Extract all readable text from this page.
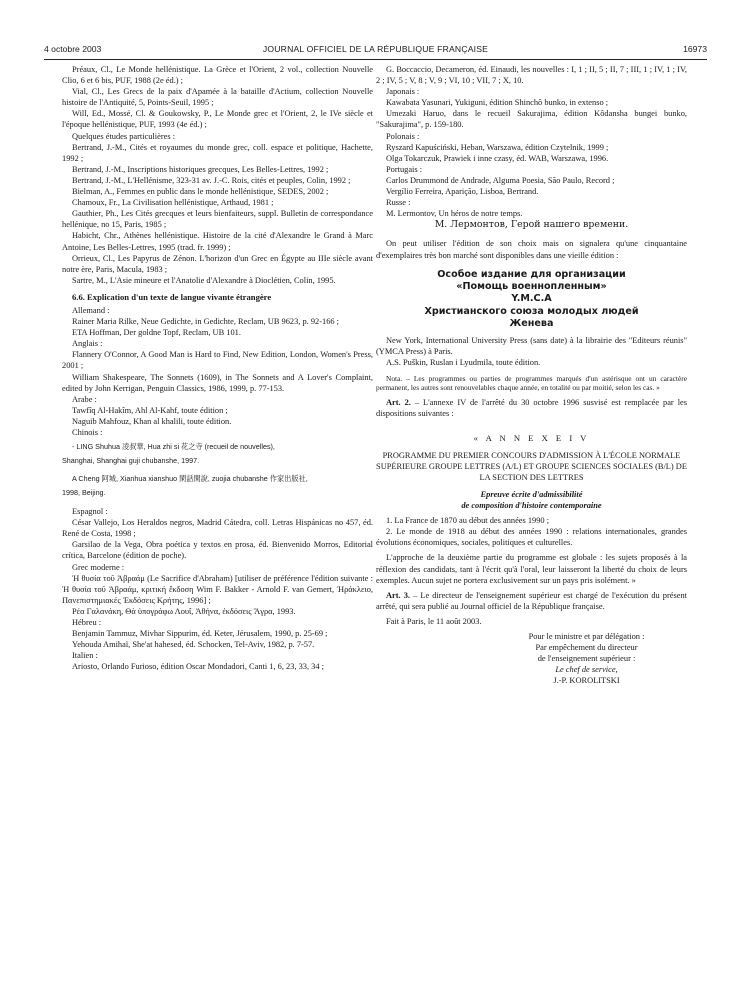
4 octobre 2003	JOURNAL OFFICIEL DE LA RÉPUBLIQUE FRANÇAISE	16973

Préaux, Cl., Le Monde hellénistique. La Grèce et l'Orient, 2 vol., collection Nouvelle Clio, 6 et 6 bis, PUF, 1988 (2e éd.) ;

Vial, Cl., Les Grecs de la paix d'Apamée à la bataille d'Actium, collection Nouvelle histoire de l'Antiquité, 5, Points-Seuil, 1995 ;

Will, Ed., Mossé, Cl. & Goukowsky, P., Le Monde grec et l'Orient, 2, le IVe siècle et l'époque hellénistique, PUF, 1993 (4e éd.) ;

Quelques études particulières :

Bertrand, J.-M., Cités et royaumes du monde grec, coll. espace et politique, Hachette, 1992 ;

Bertrand, J.-M., Inscriptions historiques grecques, Les Belles-Lettres, 1992 ;

Bertrand, J.-M., L'Hellénisme, 323-31 av. J.-C. Rois, cités et peuples, Colin, 1992 ;

Bielman, A., Femmes en public dans le monde hellénistique, SEDES, 2002 ;

Chamoux, Fr., La Civilisation hellénistique, Arthaud, 1981 ;

Gauthier, Ph., Les Cités grecques et leurs bienfaiteurs, suppl. Bulletin de correspondance hellénique, no 15, Paris, 1985 ;

Habicht, Chr., Athènes hellénistique. Histoire de la cité d'Alexandre le Grand à Marc Antoine, Les Belles-Lettres, 1995 (trad. fr. 1999) ;

Orrieux, Cl., Les Papyrus de Zénon. L'horizon d'un Grec en Égypte au IIIe siècle avant notre ère, Paris, Macula, 1983 ;

Sartre, M., L'Asie mineure et l'Anatolie d'Alexandre à Dioclétien, Colin, 1995.

6.6. Explication d'un texte de langue vivante étrangère

Allemand :

Rainer Maria Rilke, Neue Gedichte, in Gedichte, Reclam, UB 9623, p. 92-166 ;

ETA Hoffman, Der goldne Topf, Reclam, UB 101.

Anglais :

Flannery O'Connor, A Good Man is Hard to Find, New Edition, London, Women's Press, 2001 ;

William Shakespeare, The Sonnets (1609), in The Sonnets and A Lover's Complaint, edited by John Kerrigan, Penguin Classics, 1986, 1999, p. 77-153.

Arabe :

Tawfîq Al-Hakîm, Ahl Al-Kahf, toute édition ;

Naguib Mahfouz, Khan al khalili, toute édition.

Chinois :

- LING Shuhua 凌叔華, Hua zhi si 花之寺 (recueil de nouvelles),

Shanghai, Shanghai guji chubanshe, 1997.

A Cheng 阿城, Xianhua xianshuo 閑話閑說, zuojia chubanshe 作家出版社,

1998, Beijing.

Espagnol :

César Vallejo, Los Heraldos negros, Madrid Cátedra, coll. Letras Hispánicas no 457, éd. René de Costa, 1998 ;

Garsilao de la Vega, Obra poética y textos en prosa, éd. Bienvenido Morros, Editorial crítica, Barcelone (édition de poche).

Grec moderne :

Ἡ θυσία τοῦ Ἀβραάμ (Le Sacrifice d'Abraham) [utiliser de préférence l'édition suivante : Ἡ θυσία τοῦ Ἀβραάμ, κριτική ἔκδοση Wim F. Bakker - Arnold F. van Gemert, Ἡράκλειο, Πανεπιστημιακές Ἐκδόσεις Κρήτης, 1996] ;

Ρέα Γαλανάκη, Θὰ ὑπογράφω Λουΐ, Ἀθήνα, ἐκδόσεις Ἄγρα, 1993.

Hébreu :

Benjamin Tammuz, Mivhar Sippurim, éd. Keter, Jérusalem, 1990, p. 25-69 ;

Yehouda Amihaï, She'at hahesed, éd. Schocken, Tel-Aviv, 1982, p. 7-57.

Italien :

Ariosto, Orlando Furioso, édition Oscar Mondadori, Canti 1, 6, 23, 33, 34 ;

G. Boccaccio, Decameron, éd. Einaudi, les nouvelles : I, 1 ; II, 5 ; II, 7 ; III, 1 ; IV, 1 ; IV, 2 ; IV, 5 ; V, 8 ; V, 9 ; VI, 10 ; VII, 7 ; X, 10.

Japonais :

Kawabata Yasunari, Yukiguni, édition Shinchô bunko, in extenso ;

Umezaki Haruo, dans le recueil Sakurajima, édition Kôdansha bungei bunko, "Sakurajima", p. 159-180.

Polonais :

Ryszard Kapuściński, Heban, Warszawa, édition Czytelnik, 1999 ;

Olga Tokarczuk, Prawiek i inne czasy, éd. WAB, Warszawa, 1996.

Portugais :

Carlos Drummond de Andrade, Alguma Poesia, São Paulo, Record ;

Vergílio Ferreira, Aparição, Lisboa, Bertrand.

Russe :

M. Lermontov, Un héros de notre temps.

М. Лермонтов, Герой нашего времени.

On peut utiliser l'édition de son choix mais on signalera qu'une cinquantaine d'exemplaires très bon marché sont disponibles dans une vieille édition :

Особое издание для организации

«Помощь военнопленным»

Y.M.C.A

Христианского союза молодых людей

Женева

New York, International University Press (sans date) à la librairie des "Editeurs réunis" (YMCA Press) à Paris.

A.S. Puškin, Ruslan i Lyudmila, toute édition.

Nota. – Les programmes ou parties de programmes marqués d'un astérisque ont un caractère permanent, les autres sont renouvelables chaque année, en totalité ou par moitié, selon les cas. »

Art. 2. – L'annexe IV de l'arrêté du 30 octobre 1996 susvisé est remplacée par les dispositions suivantes :

« A N N E X E I V

PROGRAMME DU PREMIER CONCOURS D'ADMISSION À L'ÉCOLE NORMALE SUPÉRIEURE GROUPE LETTRES (A/L) ET GROUPE SCIENCES SOCIALES (B/L) DE LA SECTION DES LETTRES

Epreuve écrite d'admissibilité
de composition d'histoire contemporaine

1. La France de 1870 au début des années 1990 ;

2. Le monde de 1918 au début des années 1990 : relations internationales, grandes évolutions économiques, sociales, politiques et culturelles.

L'approche de la deuxième partie du programme est globale : les sujets proposés à la réflexion des candidats, tant à l'écrit qu'à l'oral, leur laisseront la liberté du choix de leurs exemples. Aucun sujet ne portera exclusivement sur un pays pris isolément. »

Art. 3. – Le directeur de l'enseignement supérieur est chargé de l'exécution du présent arrêté, qui sera publié au Journal officiel de la République française.

Fait à Paris, le 11 août 2003.

Pour le ministre et par délégation :

Par empêchement du directeur

de l'enseignement supérieur :

Le chef de service,

J.-P. KOROLITSKI
